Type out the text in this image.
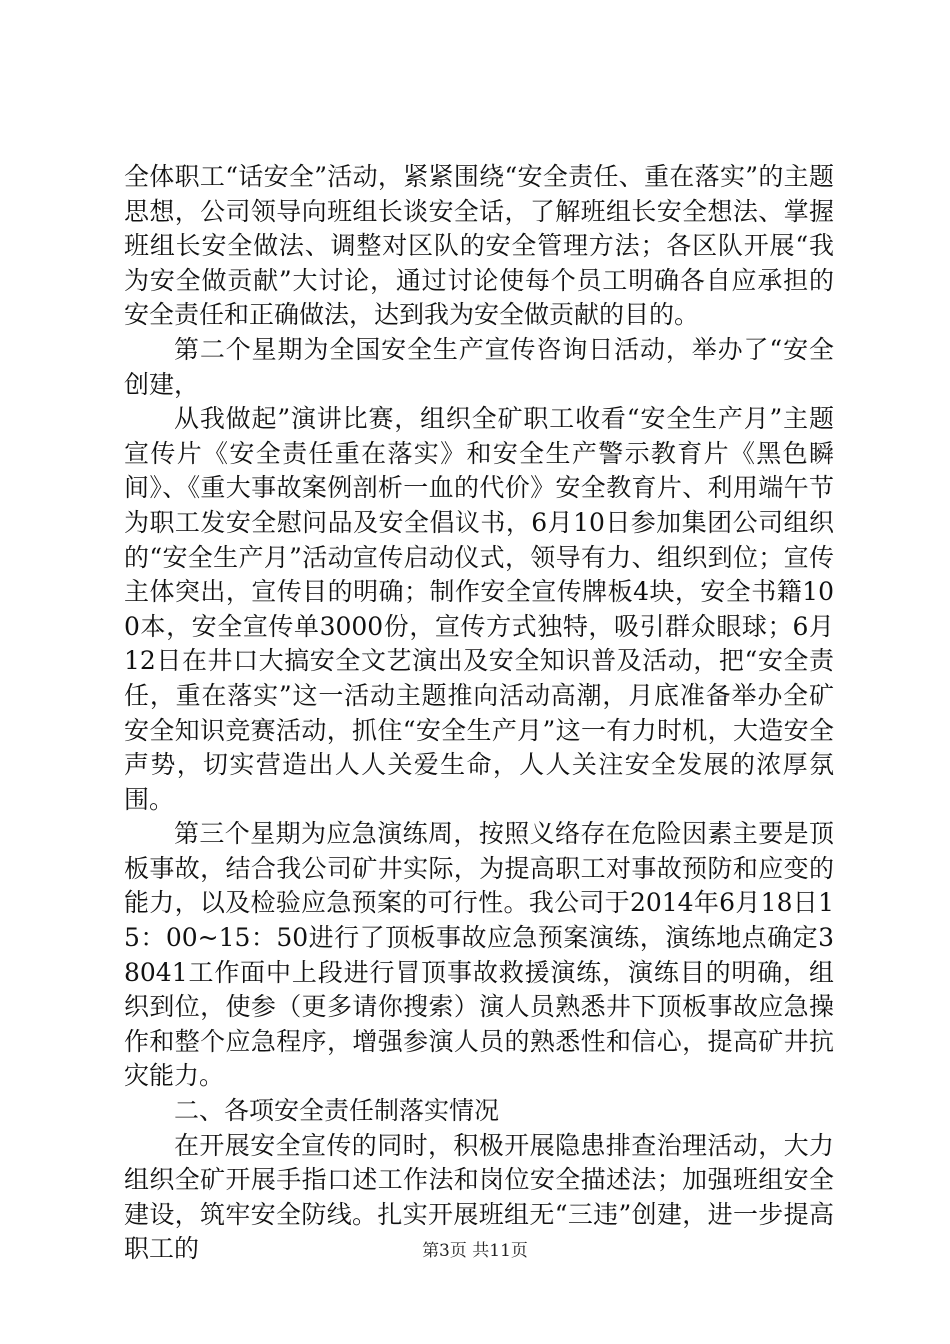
全体职工“话安全”活动，紧紧围绕“安全责任、重在落实”的主题思想，公司领导向班组长谈安全话，了解班组长安全想法、掌握班组长安全做法、调整对区队的安全管理方法；各区队开展“我为安全做贡献”大讨论，通过讨论使每个员工明确各自应承担的安全责任和正确做法，达到我为安全做贡献的目的。

第二个星期为全国安全生产宣传咨询日活动，举办了“安全创建，

从我做起”演讲比赛，组织全矿职工收看“安全生产月”主题宣传片《安全责任重在落实》和安全生产警示教育片《黑色瞬间》、《重大事故案例剖析一血的代价》安全教育片、利用端午节为职工发安全慰问品及安全倡议书，6月10日参加集团公司组织的“安全生产月”活动宣传启动仪式，领导有力、组织到位；宣传主体突出，宣传目的明确；制作安全宣传牌板4块，安全书籍100本，安全宣传单3000份，宣传方式独特，吸引群众眼球；6月12日在井口大搞安全文艺演出及安全知识普及活动，把“安全责任，重在落实”这一活动主题推向活动高潮，月底准备举办全矿安全知识竞赛活动，抓住“安全生产月”这一有力时机，大造安全声势，切实营造出人人关爱生命，人人关注安全发展的浓厚氛围。

第三个星期为应急演练周，按照义络存在危险因素主要是顶板事故，结合我公司矿井实际，为提高职工对事故预防和应变的能力，以及检验应急预案的可行性。我公司于2014年6月18日15：00~15：50进行了顶板事故应急预案演练，演练地点确定38041工作面中上段进行冒顶事故救援演练，演练目的明确，组织到位，使参（更多请你搜索）演人员熟悉井下顶板事故应急操作和整个应急程序，增强参演人员的熟悉性和信心，提高矿井抗灾能力。

二、各项安全责任制落实情况

在开展安全宣传的同时，积极开展隐患排查治理活动，大力组织全矿开展手指口述工作法和岗位安全描述法；加强班组安全建设，筑牢安全防线。扎实开展班组无“三违”创建，进一步提高职工的	第3页 共11页
